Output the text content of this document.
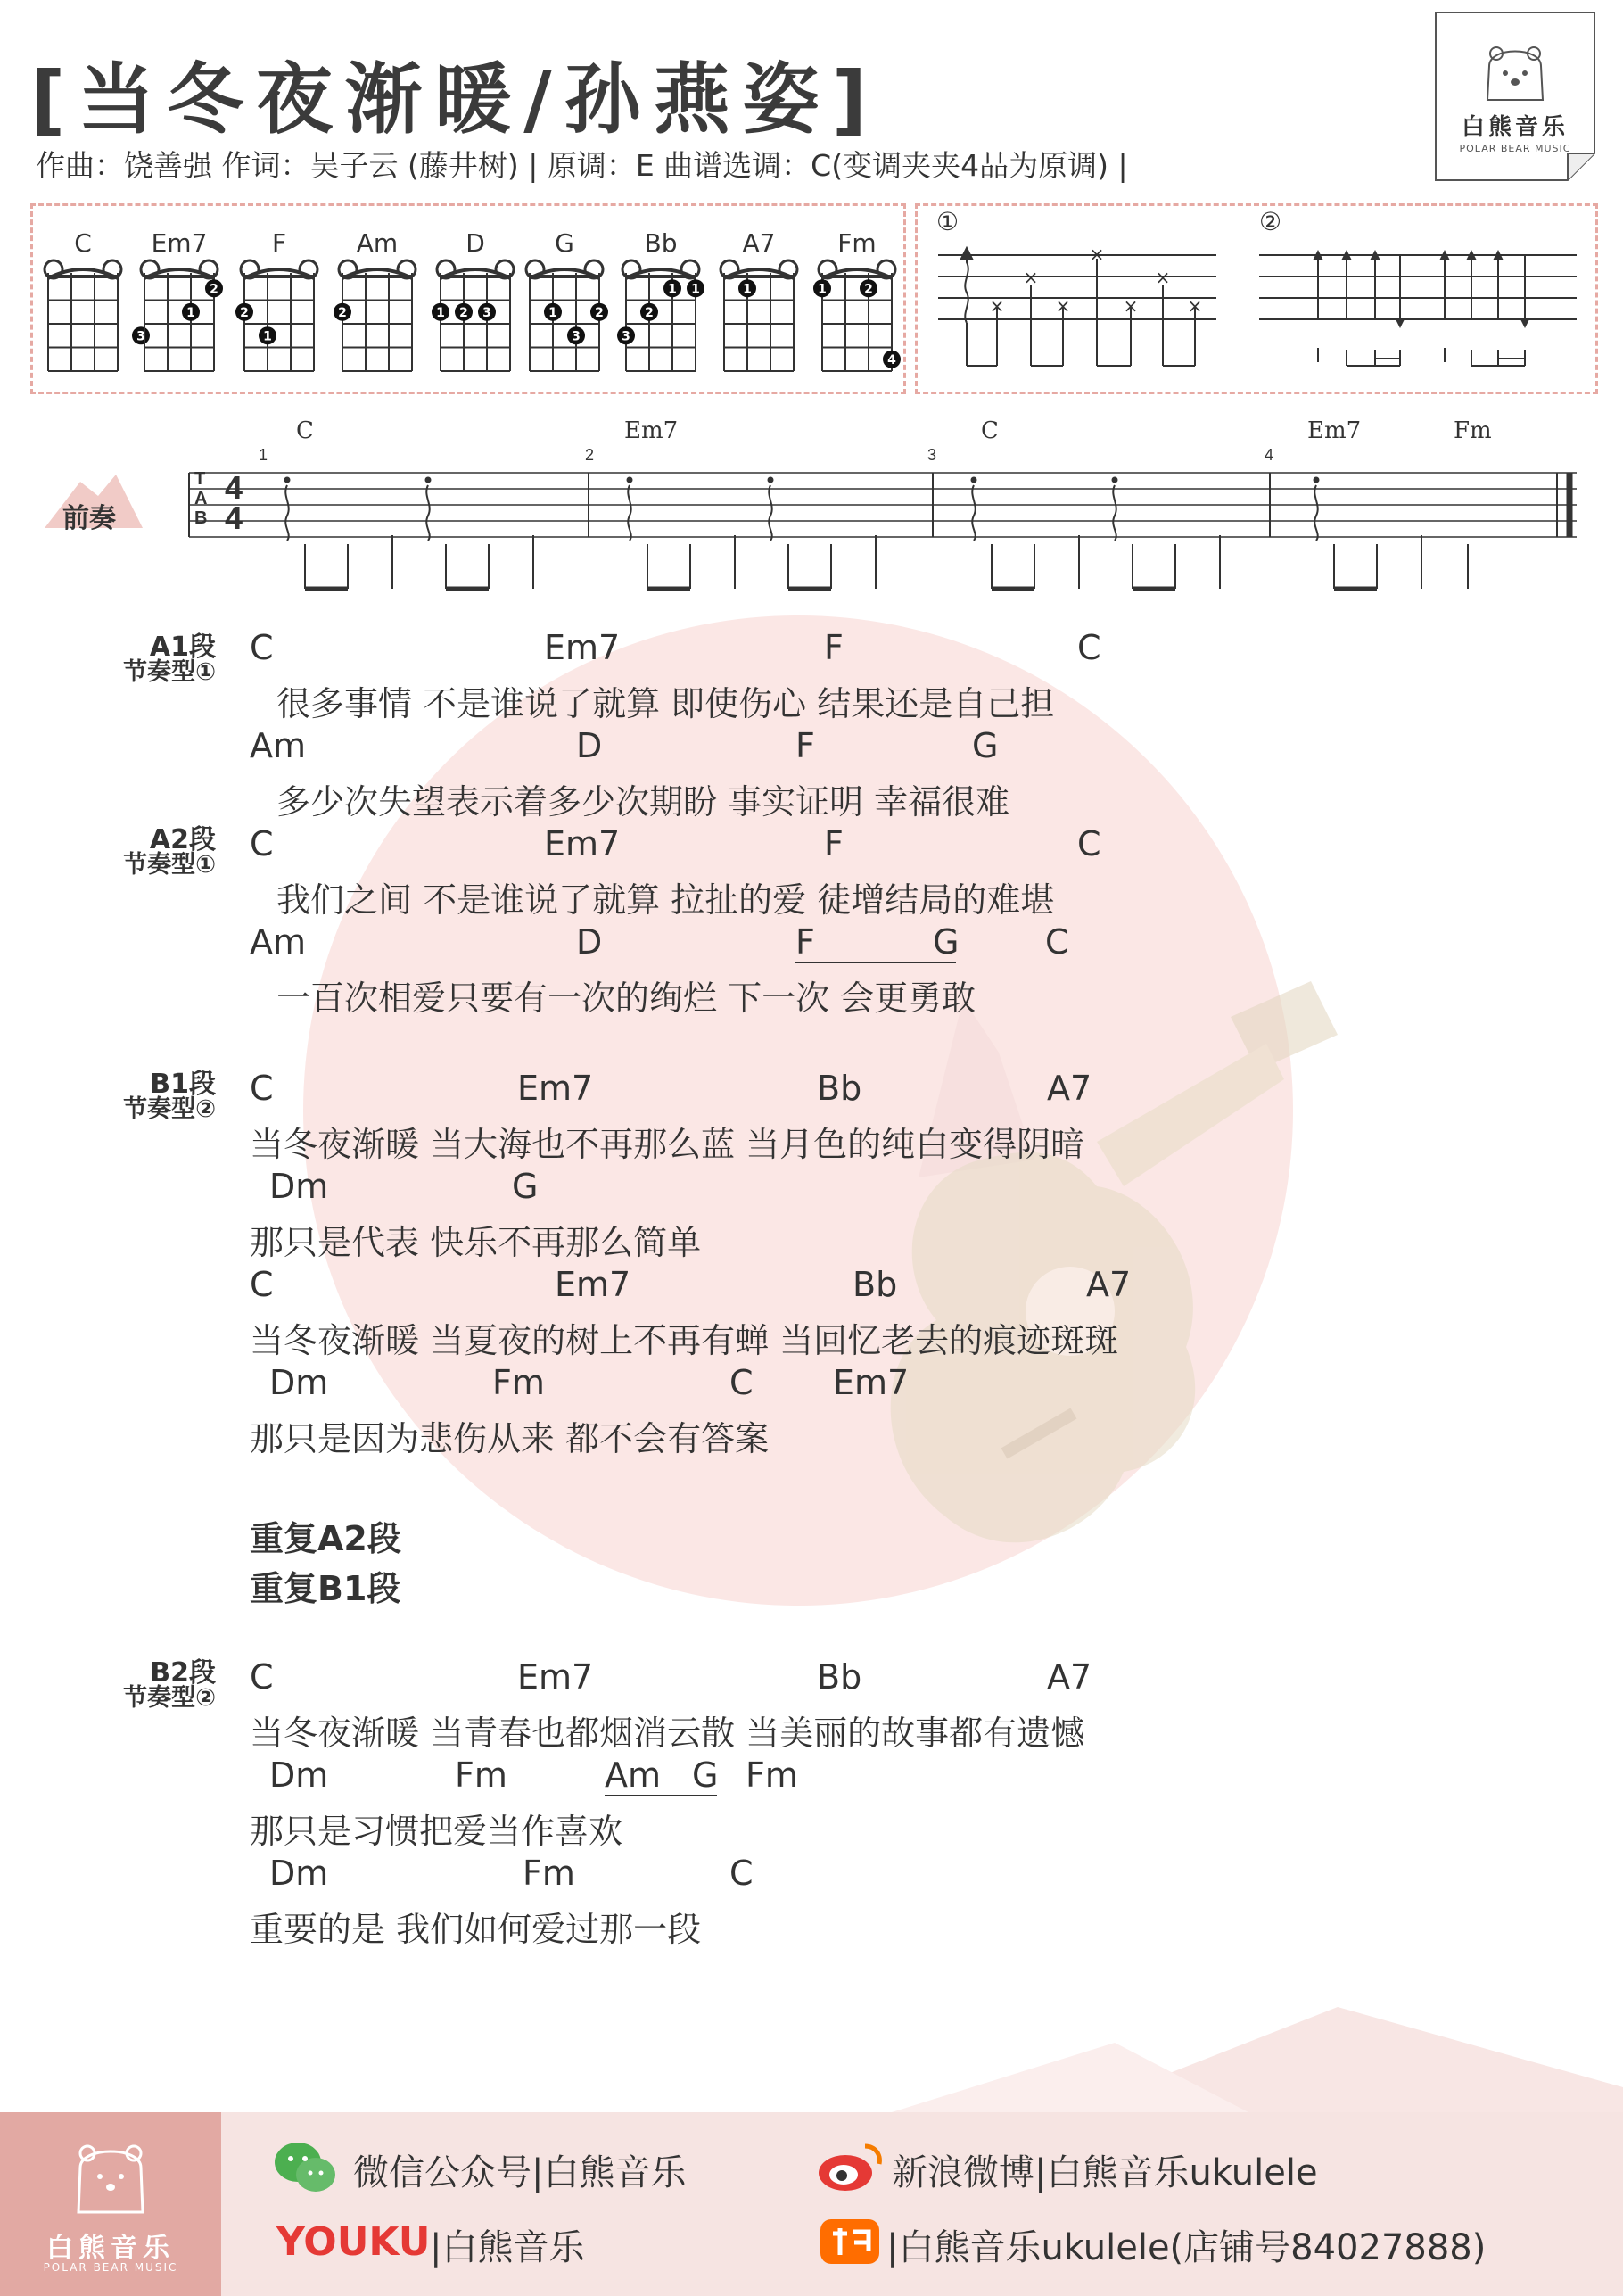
[当冬夜渐暖/孙燕姿]
作曲：饶善强 作词：吴子云 (藤井树) | 原调：E 曲谱选调：C(变调夹夹4品为原调) |
白熊音乐
POLAR BEAR MUSIC
C	Em7	F	Am	D	G	Bb	A7	Fm
3
1
2
1
2	2	1 2 3	1	2
3
1 1
2
3
1	1	2
4
①	②
×
×
×
×
×
×
×
前奏
T
A
B
4
4
1	2	3	4
C	Em7	C	Em7	Fm
A1段
节奏型①
C	Em7	F	C
很多事情 不是谁说了就算 即使伤心 结果还是自己担
Am	D	F	G
多少次失望表示着多少次期盼 事实证明 幸福很难
A2段
节奏型①
C	Em7	F	C
我们之间 不是谁说了就算 拉扯的爱 徒增结局的难堪
Am	D	F	G	C
一百次相爱只要有一次的绚烂 下一次 会更勇敢
B1段
节奏型②
C	Em7	Bb	A7
当冬夜渐暖 当大海也不再那么蓝 当月色的纯白变得阴暗
Dm	G
那只是代表 快乐不再那么简单
C	Em7	Bb	A7
当冬夜渐暖 当夏夜的树上不再有蝉 当回忆老去的痕迹斑斑
Dm	Fm	C Em7
那只是因为悲伤从来 都不会有答案
重复A2段
重复B1段
B2段
节奏型②
C	Em7	Bb	A7
当冬夜渐暖 当青春也都烟消云散 当美丽的故事都有遗憾
Dm	Fm	Am G Fm
那只是习惯把爱当作喜欢
Dm	Fm	C
重要的是 我们如何爱过那一段
白熊音乐
POLAR BEAR MUSIC
微信公众号|白熊音乐	新浪微博|白熊音乐ukulele
YOUKU |白熊音乐	|白熊音乐ukulele(店铺号84027888)
